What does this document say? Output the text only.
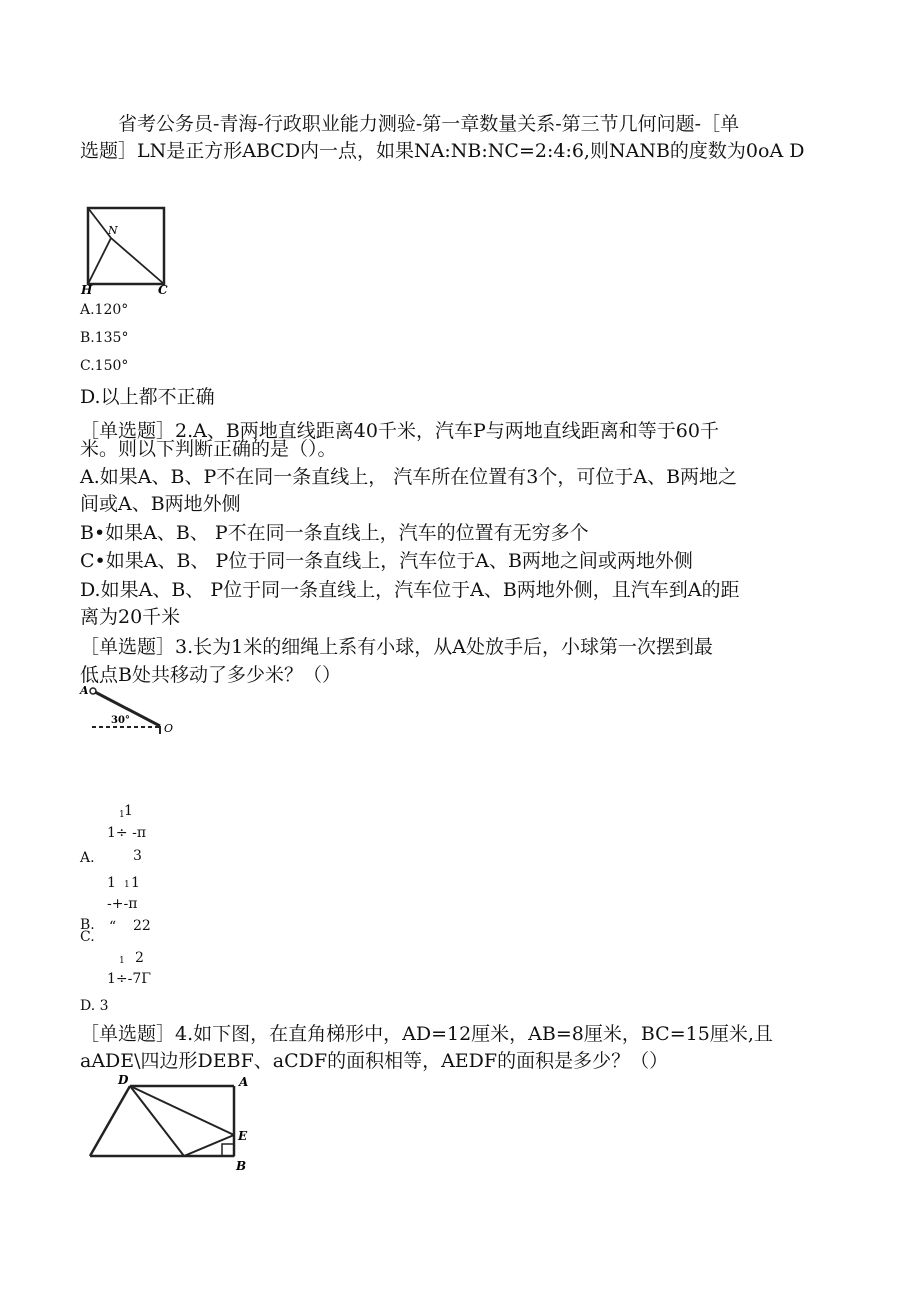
省考公务员-青海-行政职业能力测验-第一章数量关系-第三节几何问题-［单
选题］LN是正方形ABCD内一点，如果NA:NB:NC=2:4:6,则NANB的度数为0oA D
N
H	C
A.120°
B.135°
C.150°
D.以上都不正确
［单选题］2.A、B两地直线距离40千米，汽车P与两地直线距离和等于60千
米。则以下判断正确的是（）。
A.如果A、B、P不在同一条直线上， 汽车所在位置有3个，可位于A、B两地之
间或A、B两地外侧
B•如果A、B、 P不在同一条直线上，汽车的位置有无穷多个
C•如果A、B、 P位于同一条直线上，汽车位于A、B两地之间或两地外侧
D.如果A、B、 P位于同一条直线上，汽车位于A、B两地外侧，且汽车到A的距
离为20千米
［单选题］3.长为1米的细绳上系有小球，从A处放手后，小球第一次摆到最
低点B处共移动了多少米？（）
A
30°
O
1 1
1÷ -π
A.	3
1 1 1
-+-π
B. “ 22
C.
1 2
1÷-7Γ
D. 3
［单选题］4.如下图，在直角梯形中，AD=12厘米，AB=8厘米，BC=15厘米,且
aADE\四边形DEBF、aCDF的面积相等，AEDF的面积是多少？（）
D	A
E
B
